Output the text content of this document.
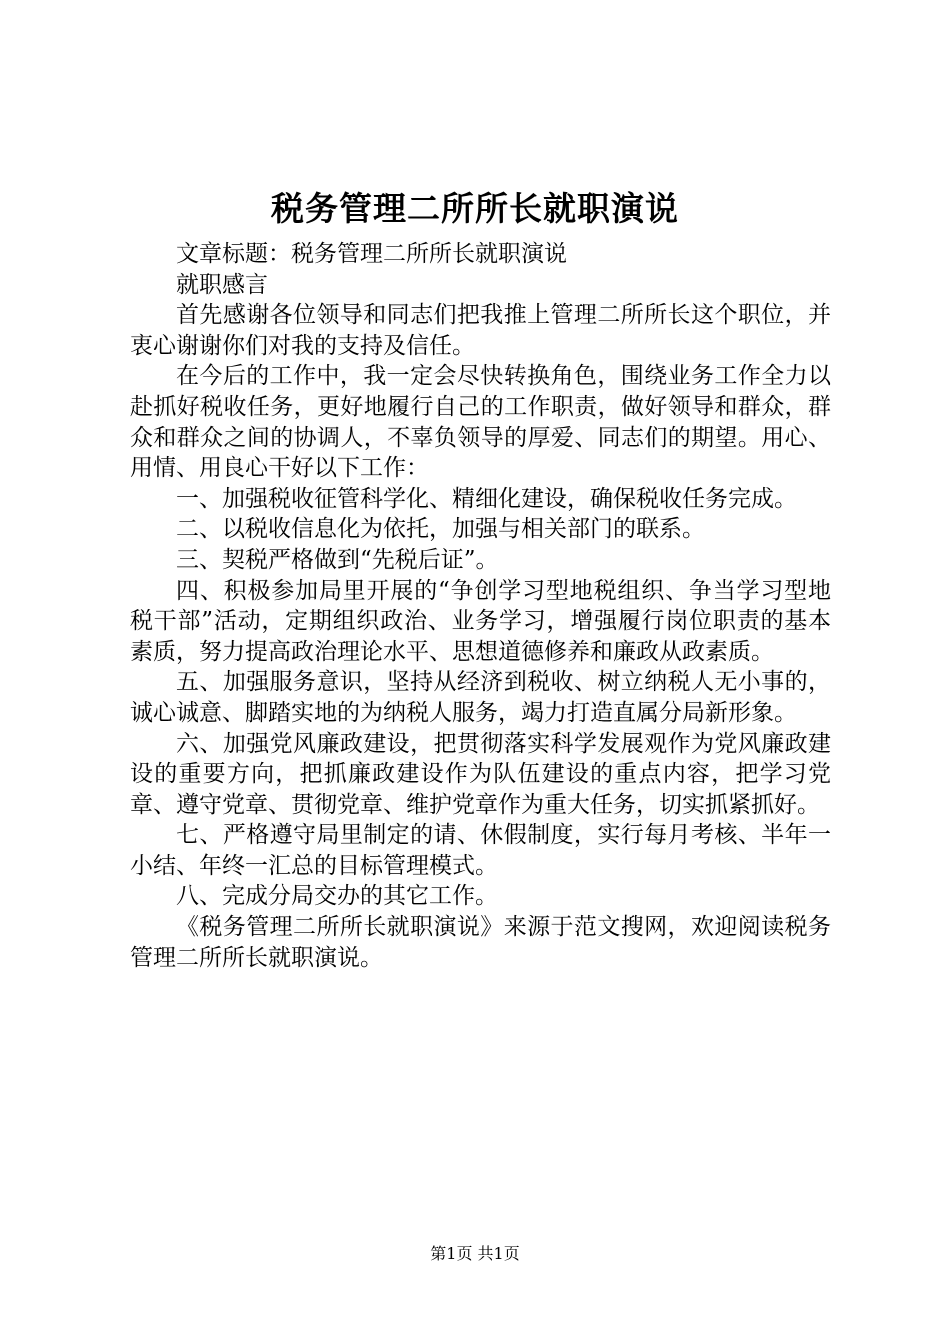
税务管理二所所长就职演说

文章标题：税务管理二所所长就职演说

就职感言

首先感谢各位领导和同志们把我推上管理二所所长这个职位，并衷心谢谢你们对我的支持及信任。

在今后的工作中，我一定会尽快转换角色，围绕业务工作全力以赴抓好税收任务，更好地履行自己的工作职责，做好领导和群众，群众和群众之间的协调人，不辜负领导的厚爱、同志们的期望。用心、用情、用良心干好以下工作：

一、加强税收征管科学化、精细化建设，确保税收任务完成。

二、以税收信息化为依托，加强与相关部门的联系。

三、契税严格做到“先税后证”。

四、积极参加局里开展的“争创学习型地税组织、争当学习型地税干部”活动，定期组织政治、业务学习，增强履行岗位职责的基本素质，努力提高政治理论水平、思想道德修养和廉政从政素质。

五、加强服务意识，坚持从经济到税收、树立纳税人无小事的，诚心诚意、脚踏实地的为纳税人服务，竭力打造直属分局新形象。

六、加强党风廉政建设，把贯彻落实科学发展观作为党风廉政建设的重要方向，把抓廉政建设作为队伍建设的重点内容，把学习党章、遵守党章、贯彻党章、维护党章作为重大任务，切实抓紧抓好。

七、严格遵守局里制定的请、休假制度，实行每月考核、半年一小结、年终一汇总的目标管理模式。

八、完成分局交办的其它工作。

《税务管理二所所长就职演说》来源于范文搜网，欢迎阅读税务管理二所所长就职演说。

第1页 共1页
